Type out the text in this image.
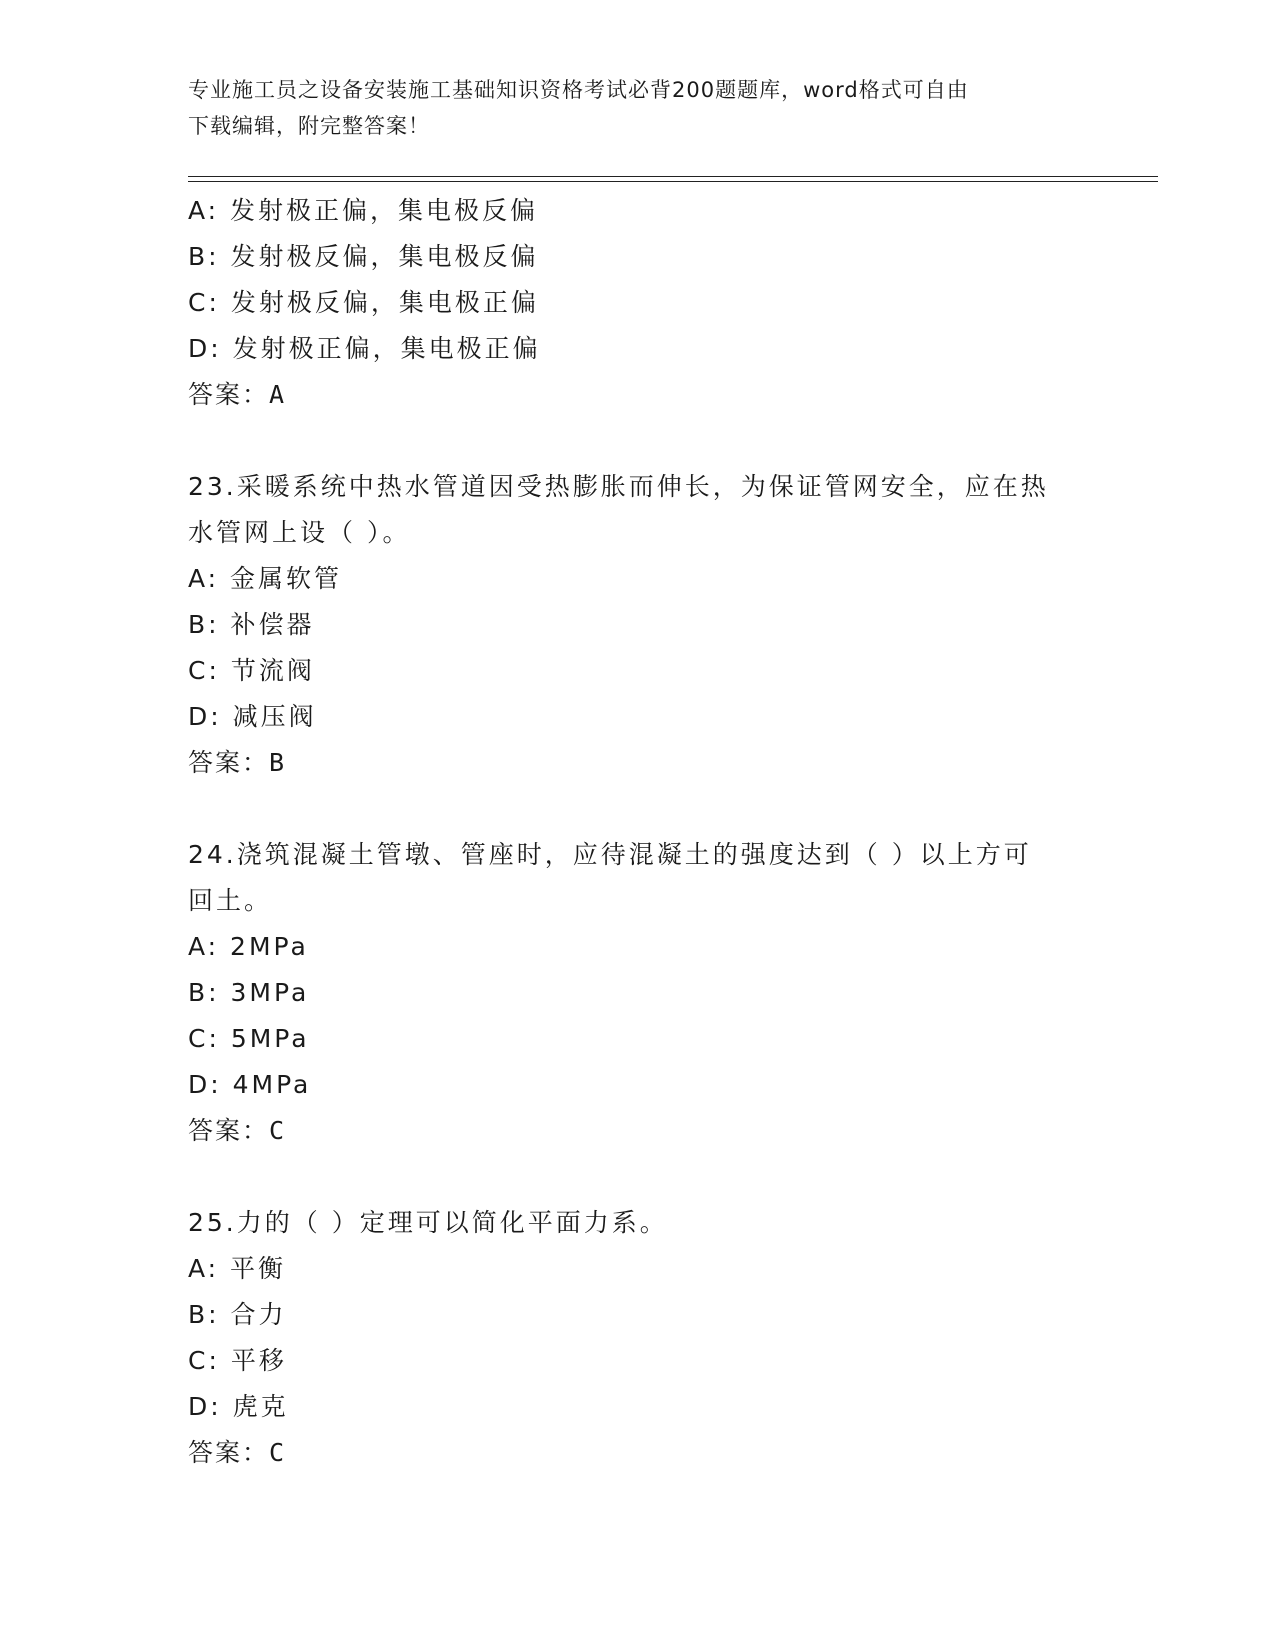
专业施工员之设备安装施工基础知识资格考试必背200题题库，word格式可自由
下载编辑，附完整答案！
A: 发射极正偏，集电极反偏
B: 发射极反偏，集电极反偏
C: 发射极反偏，集电极正偏
D: 发射极正偏，集电极正偏
答案：A
23.采暖系统中热水管道因受热膨胀而伸长，为保证管网安全，应在热
水管网上设（ ）。
A: 金属软管
B: 补偿器
C: 节流阀
D: 减压阀
答案：B
24.浇筑混凝土管墩、管座时，应待混凝土的强度达到（ ）以上方可
回土。
A: 2MPa
B: 3MPa
C: 5MPa
D: 4MPa
答案：C
25.力的（ ）定理可以简化平面力系。
A: 平衡
B: 合力
C: 平移
D: 虎克
答案：C
